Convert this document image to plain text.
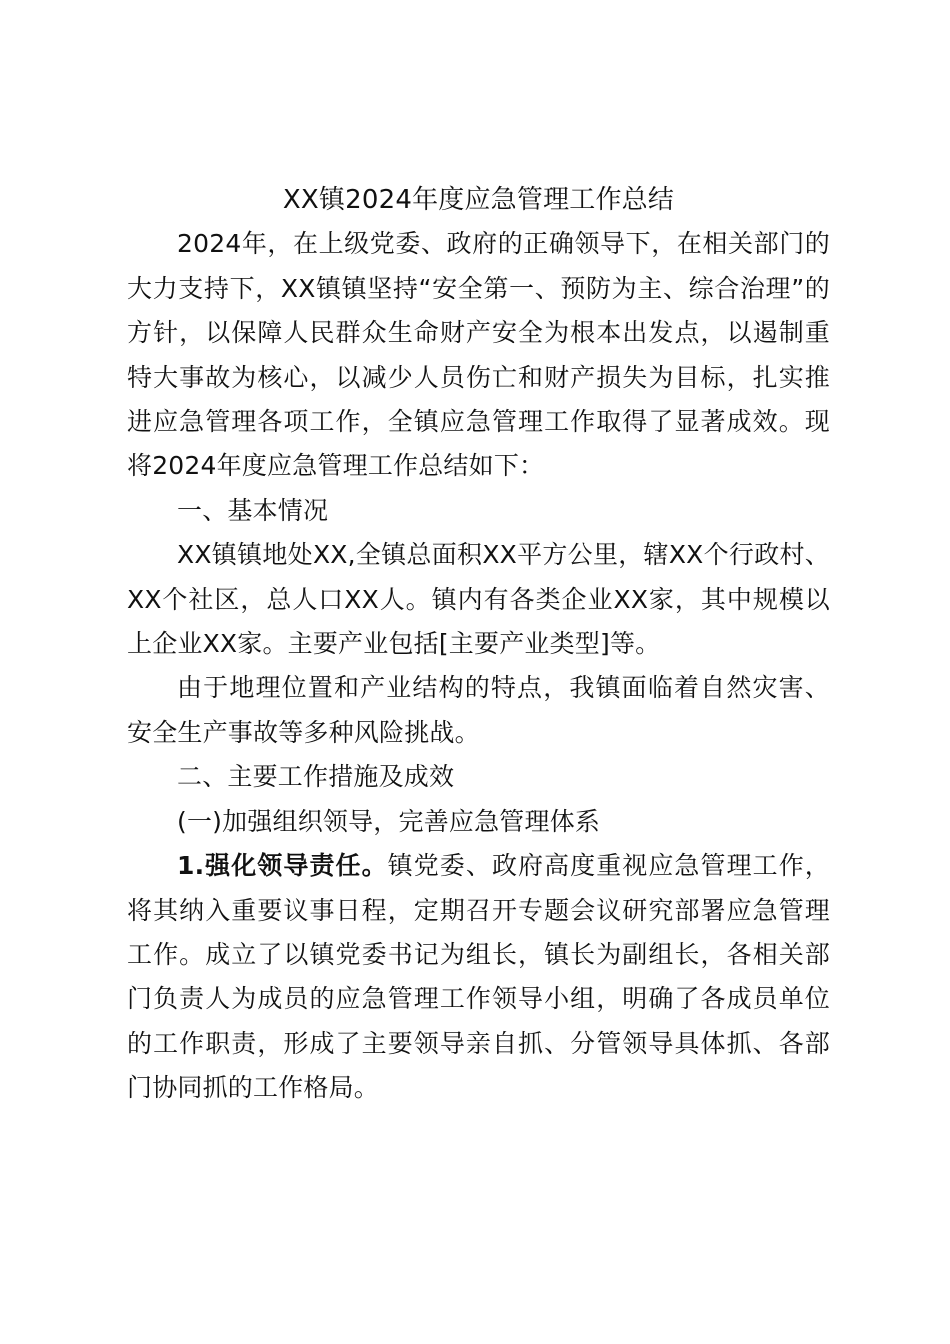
XX镇2024年度应急管理工作总结

2024年，在上级党委、政府的正确领导下，在相关部门的大力支持下，XX镇镇坚持“安全第一、预防为主、综合治理”的方针，以保障人民群众生命财产安全为根本出发点，以遏制重特大事故为核心，以减少人员伤亡和财产损失为目标，扎实推进应急管理各项工作，全镇应急管理工作取得了显著成效。现将2024年度应急管理工作总结如下：

一、基本情况

XX镇镇地处XX,全镇总面积XX平方公里，辖XX个行政村、XX个社区，总人口XX人。镇内有各类企业XX家，其中规模以上企业XX家。主要产业包括[主要产业类型]等。

由于地理位置和产业结构的特点，我镇面临着自然灾害、安全生产事故等多种风险挑战。

二、主要工作措施及成效

(一)加强组织领导，完善应急管理体系

1.强化领导责任。镇党委、政府高度重视应急管理工作，将其纳入重要议事日程，定期召开专题会议研究部署应急管理工作。成立了以镇党委书记为组长，镇长为副组长，各相关部门负责人为成员的应急管理工作领导小组，明确了各成员单位的工作职责，形成了主要领导亲自抓、分管领导具体抓、各部门协同抓的工作格局。
